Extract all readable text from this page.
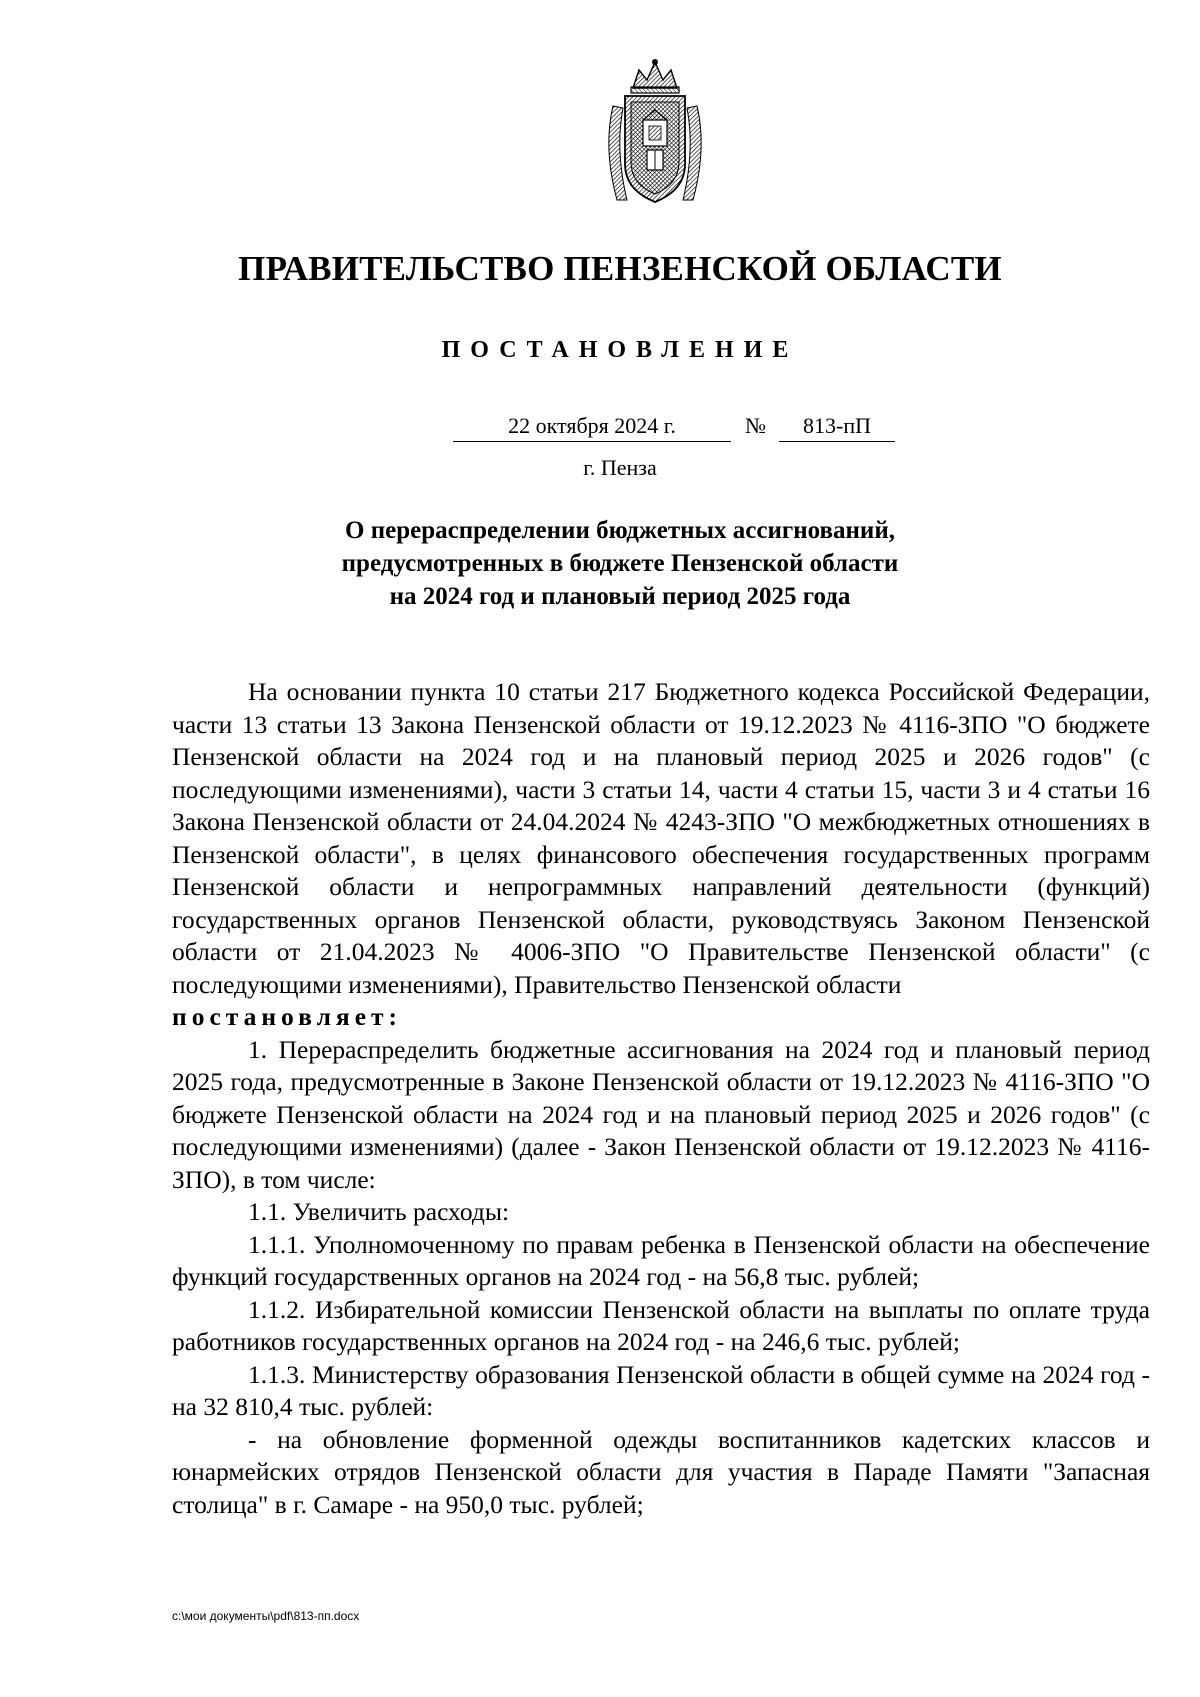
ПРАВИТЕЛЬСТВО ПЕНЗЕНСКОЙ ОБЛАСТИ
ПОСТАНОВЛЕНИЕ
22 октября 2024 г.	№	813-пП
г. Пенза
О перераспределении бюджетных ассигнований,
предусмотренных в бюджете Пензенской области
на 2024 год и плановый период 2025 года

На основании пункта 10 статьи 217 Бюджетного кодекса Российской Федерации, части 13 статьи 13 Закона Пензенской области от 19.12.2023 № 4116-ЗПО "О бюджете Пензенской области на 2024 год и на плановый период 2025 и 2026 годов" (с последующими изменениями), части 3 статьи 14, части 4 статьи 15, части 3 и 4 статьи 16 Закона Пензенской области от 24.04.2024 № 4243-ЗПО "О межбюджетных отношениях в Пензенской области", в целях финансового обеспечения государственных программ Пензенской области и непрограммных направлений деятельности (функций) государственных органов Пензенской области, руководствуясь Законом Пензенской области от 21.04.2023 № 4006-ЗПО "О Правительстве Пензенской области" (с последующими изменениями), Правительство Пензенской области

постановляет:

1. Перераспределить бюджетные ассигнования на 2024 год и плановый период 2025 года, предусмотренные в Законе Пензенской области от 19.12.2023 № 4116-ЗПО "О бюджете Пензенской области на 2024 год и на плановый период 2025 и 2026 годов" (с последующими изменениями) (далее - Закон Пензенской области от 19.12.2023 № 4116-ЗПО), в том числе:

1.1. Увеличить расходы:

1.1.1. Уполномоченному по правам ребенка в Пензенской области на обеспечение функций государственных органов на 2024 год - на 56,8 тыс. рублей;

1.1.2. Избирательной комиссии Пензенской области на выплаты по оплате труда работников государственных органов на 2024 год - на 246,6 тыс. рублей;

1.1.3. Министерству образования Пензенской области в общей сумме на 2024 год - на 32 810,4 тыс. рублей:

- на обновление форменной одежды воспитанников кадетских классов и юнармейских отрядов Пензенской области для участия в Параде Памяти "Запасная столица" в г. Самаре - на 950,0 тыс. рублей;

c:\мои документы\pdf\813-пп.docx
